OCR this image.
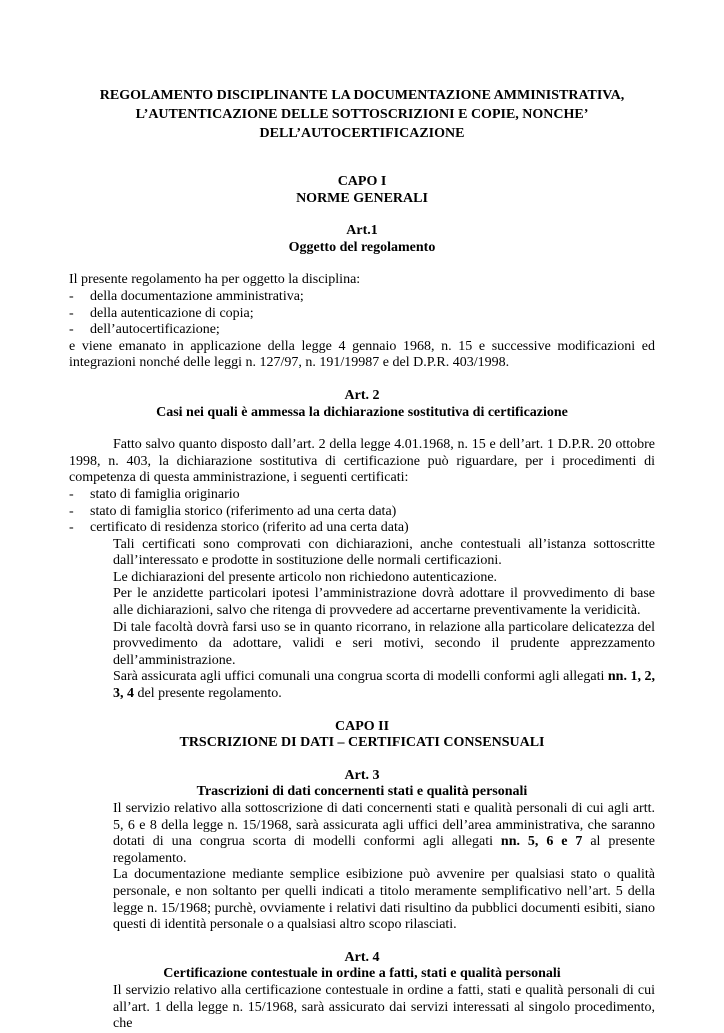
REGOLAMENTO DISCIPLINANTE LA DOCUMENTAZIONE AMMINISTRATIVA,
L’AUTENTICAZIONE DELLE SOTTOSCRIZIONI E COPIE, NONCHE’
DELL’AUTOCERTIFICAZIONE
CAPO I
NORME GENERALI
Art.1
Oggetto del regolamento

Il presente regolamento ha per oggetto la disciplina:

-	della documentazione amministrativa;
-	della autenticazione di copia;
-	dell’autocertificazione;

e viene emanato in applicazione della legge 4 gennaio 1968, n. 15 e successive modificazioni ed integrazioni nonché delle leggi n. 127/97, n. 191/19987 e del D.P.R. 403/1998.

Art. 2
Casi nei quali è ammessa la dichiarazione sostitutiva di certificazione

Fatto salvo quanto disposto dall’art. 2 della legge 4.01.1968, n. 15 e dell’art. 1 D.P.R. 20 ottobre 1998, n. 403, la dichiarazione sostitutiva di certificazione può riguardare, per i procedimenti di competenza di questa amministrazione, i seguenti certificati:

-	stato di famiglia originario
-	stato di famiglia storico (riferimento ad una certa data)
-	certificato di residenza storico (riferito ad una certa data)
Tali certificati sono comprovati con dichiarazioni, anche contestuali all’istanza sottoscritte dall’interessato e prodotte in sostituzione delle normali certificazioni.
Le dichiarazioni del presente articolo non richiedono autenticazione.
Per le anzidette particolari ipotesi l’amministrazione dovrà adottare il provvedimento di base alle dichiarazioni, salvo che ritenga di provvedere ad accertarne preventivamente la veridicità.
Di tale facoltà dovrà farsi uso se in quanto ricorrano, in relazione alla particolare delicatezza del provvedimento da adottare, validi e seri motivi, secondo il prudente apprezzamento dell’amministrazione.
Sarà assicurata agli uffici comunali una congrua scorta di modelli conformi agli allegati nn. 1, 2, 3, 4 del presente regolamento.
CAPO II
TRSCRIZIONE DI DATI – CERTIFICATI CONSENSUALI
Art. 3
Trascrizioni di dati concernenti stati e qualità personali
Il servizio relativo alla sottoscrizione di dati concernenti stati e qualità personali di cui agli artt. 5, 6 e 8 della legge n. 15/1968, sarà assicurata agli uffici dell’area amministrativa, che saranno dotati di una congrua scorta di modelli conformi agli allegati nn. 5, 6 e 7 al presente regolamento.
La documentazione mediante semplice esibizione può avvenire per qualsiasi stato o qualità personale, e non soltanto per quelli indicati a titolo meramente semplificativo nell’art. 5 della legge n. 15/1968; purchè, ovviamente i relativi dati risultino da pubblici documenti esibiti, siano questi di identità personale o a qualsiasi altro scopo rilasciati.
Art. 4
Certificazione contestuale in ordine a fatti, stati e qualità personali
Il servizio relativo alla certificazione contestuale in ordine a fatti, stati e qualità personali di cui all’art. 1 della legge n. 15/1968, sarà assicurato dai servizi interessati al singolo procedimento, che
